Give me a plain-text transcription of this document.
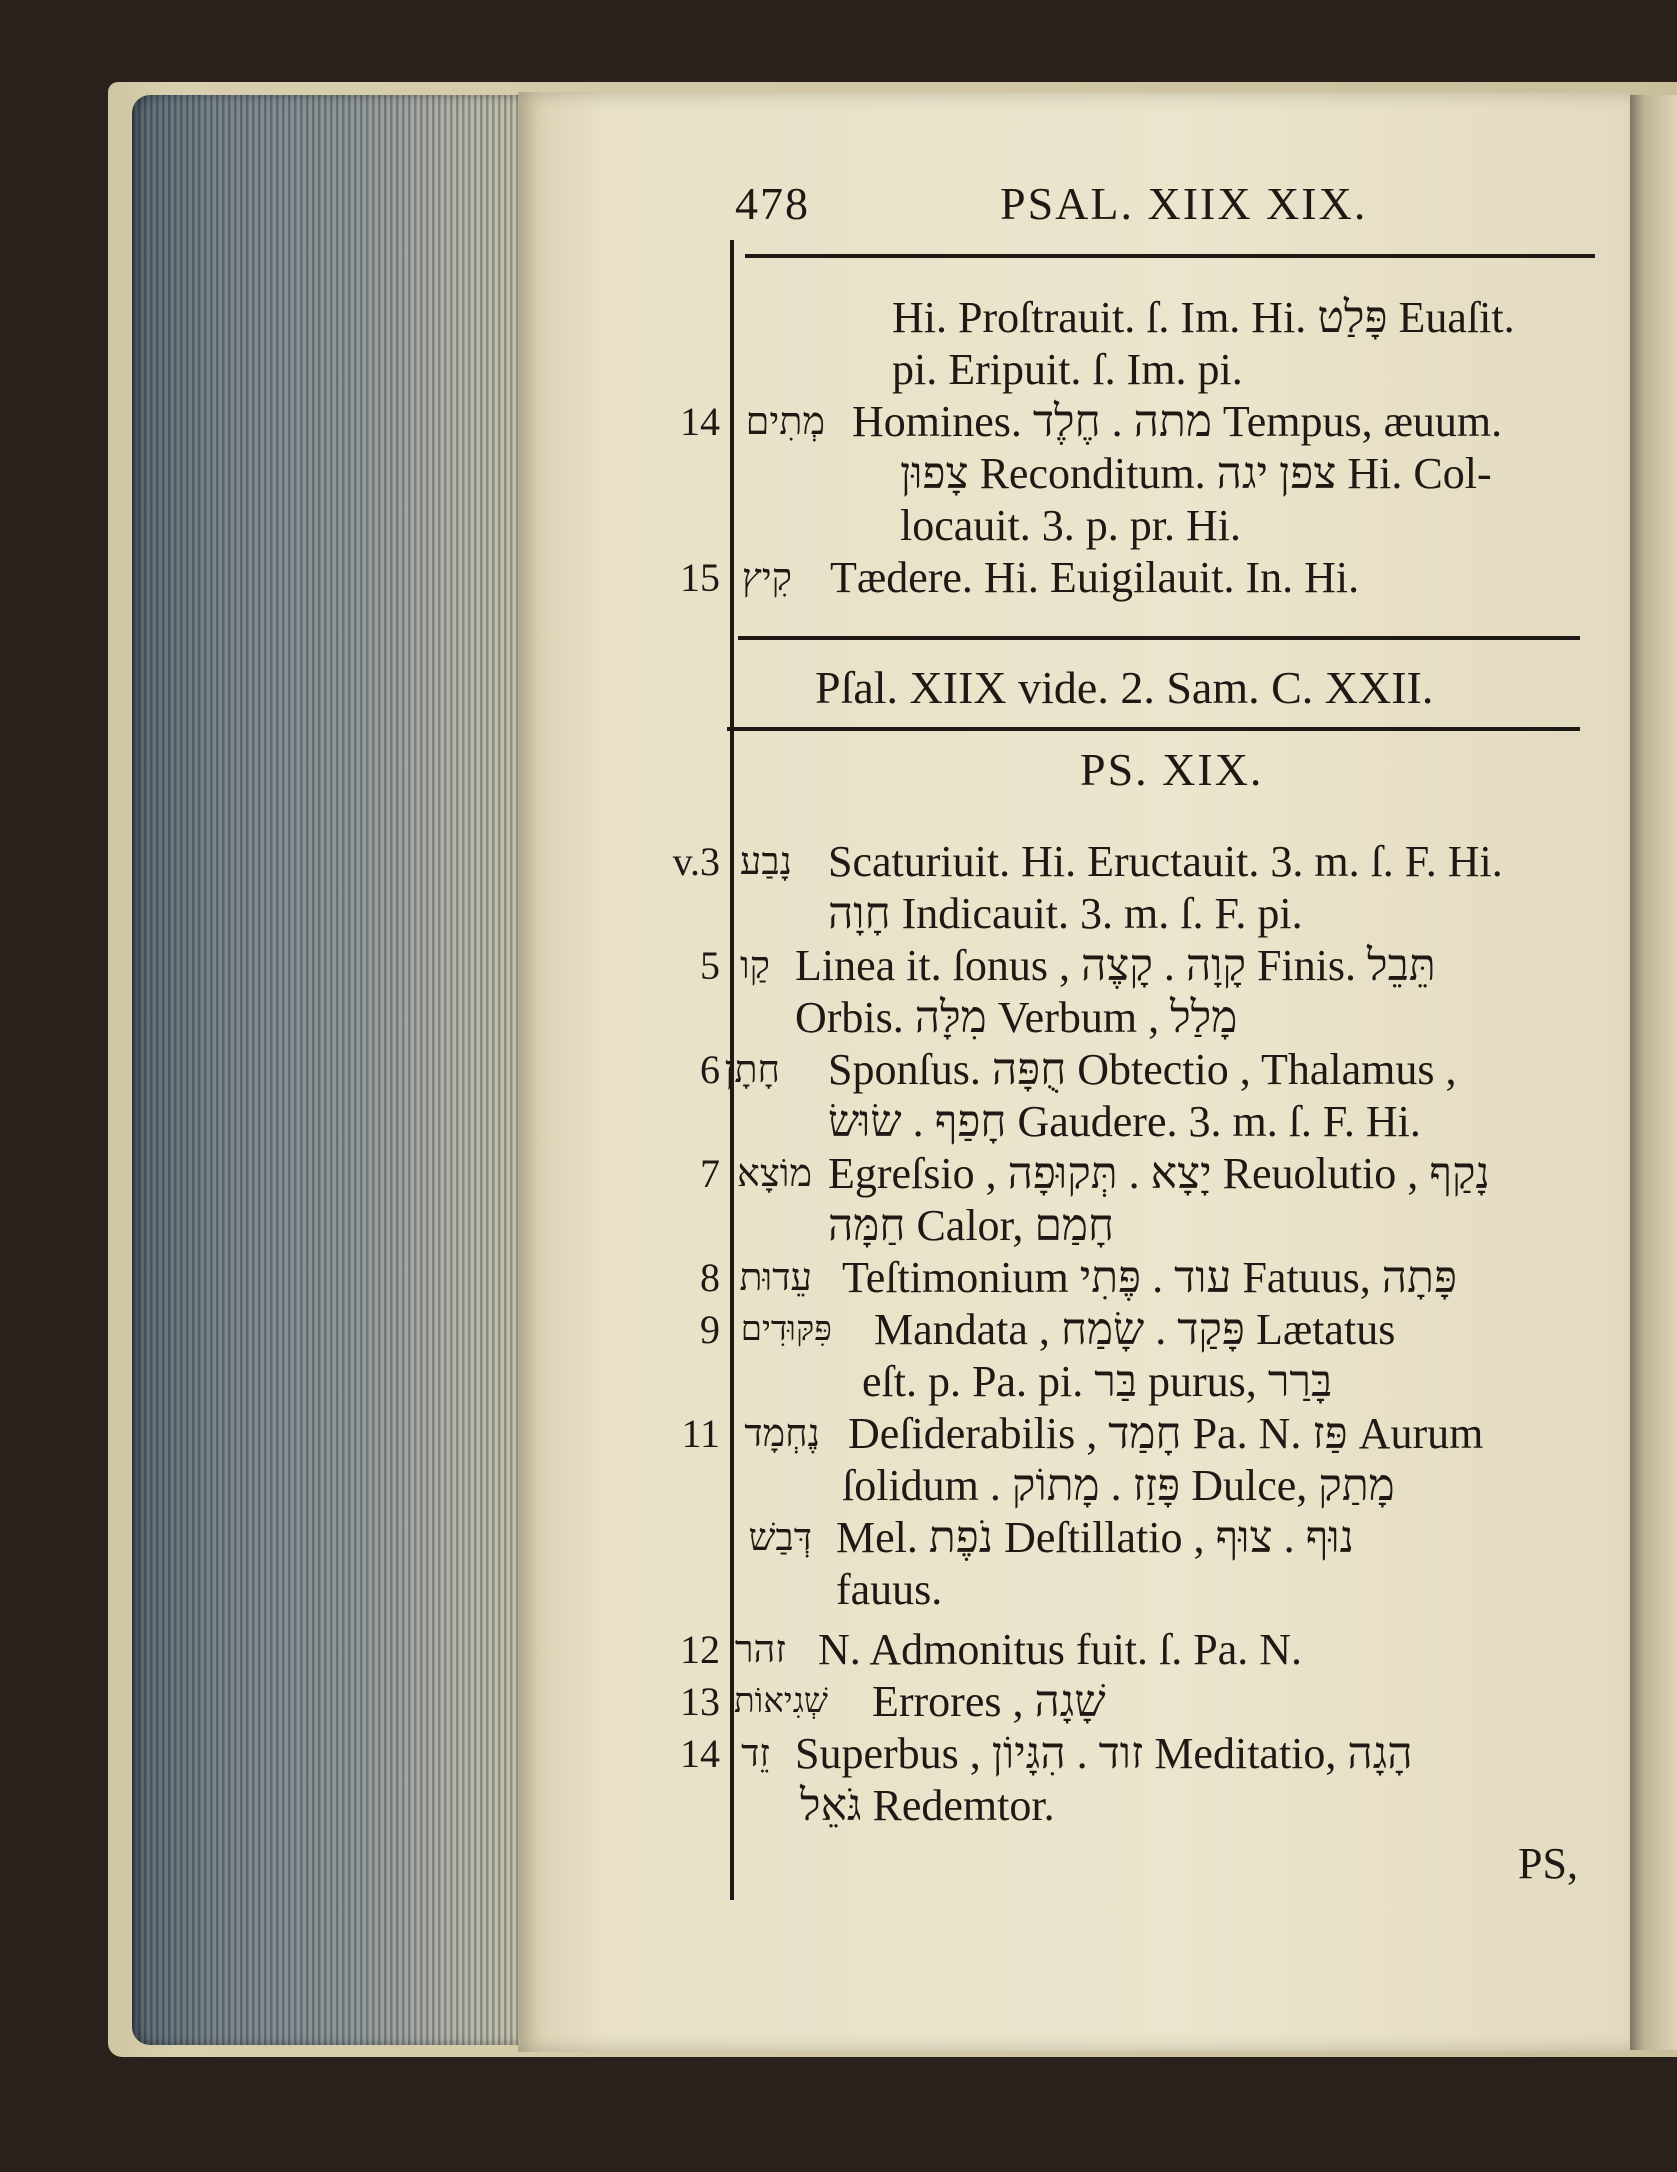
478	PSAL. XIIX XIX.
Hi. Proſtrauit. ſ. Im. Hi. פָּלַט Euaſit.
pi. Eripuit. ſ. Im. pi.
14 מְתִים Homines. מתה . חֶלֶד Tempus, æuum.
צָפוּן Reconditum. צפן יגה Hi. Col-
locauit. 3. p. pr. Hi.
15 קִיץ Tædere. Hi. Euigilauit. In. Hi.
Pſal. XIIX vide. 2. Sam. C. XXII.
PS. XIX.
v.3 נָבַע Scaturiuit. Hi. Eructauit. 3. m. ſ. F. Hi.
חָוָה Indicauit. 3. m. ſ. F. pi.
5 קַו Linea it. ſonus , קָוָה . קָצֶה Finis. תֵּבֵל
Orbis. מִלָּה Verbum , מָלַל
6 חָתָן Sponſus. חֻפָּה Obtectio , Thalamus ,
חָפַף . שׂוּשׂ Gaudere. 3. m. ſ. F. Hi.
7 מוֹצָא Egreſsio , יָצָא . תְּקוּפָה Reuolutio , נָקַף
חַמָּה Calor, חָמַם
8 עֵדוּת Teſtimonium עוד . פֶּתִי Fatuus, פָּתָה
9 פִּקּוּדִים Mandata , פָּקַד . שָׂמַח Lætatus
eſt. p. Pa. pi. בַּר purus, בָּרַר
11 נֶחְמָד Deſiderabilis , חָמַד Pa. N. פַּז Aurum
ſolidum . פָּזַז . מָתוֹק Dulce, מָתַק
דְּבַשׁ Mel. נֹפֶת Deſtillatio , נוּף . צוּף
fauus.
12 זהר N. Admonitus fuit. ſ. Pa. N.
13 שְׁגִיאוֹת Errores , שָׁגָה
14 זֵד Superbus , זוד . הִגָּיוֹן Meditatio, הָגָה
גֹּאֵל Redemtor.
PS,
